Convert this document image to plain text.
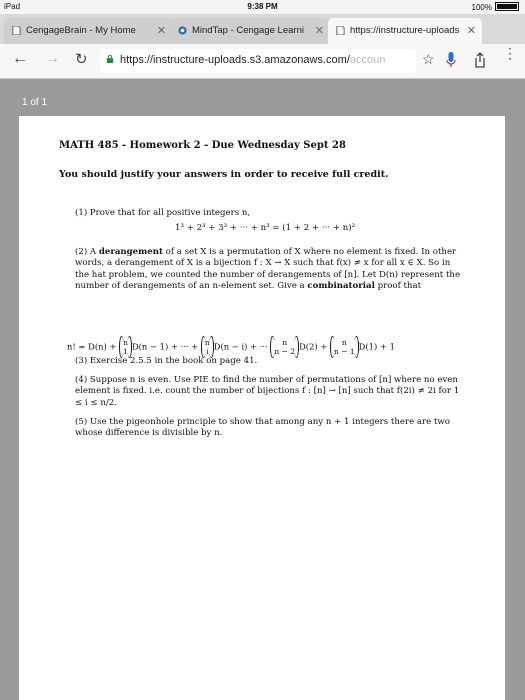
iPad	9:38 PM	100%
CengageBrain - My Home ✕	MindTap - Cengage Learni ✕	https://instructure-uploads ✕
← → ↻	https://instructure-uploads.s3.amazonaws.com/accoun	☆	⋮
1 of 1
MATH 485 - Homework 2 - Due Wednesday Sept 28
You should justify your answers in order to receive full credit.
(1) Prove that for all positive integers n,
1³ + 2³ + 3³ + ··· + n³ = (1 + 2 + ··· + n)²
(2) A derangement of a set X is a permutation of X where no element is fixed. In other words, a derangement of X is a bijection f : X → X such that f(x) ≠ x for all x ∈ X. So in the hat problem, we counted the number of derangements of [n]. Let D(n) represent the number of derangements of an n-element set. Give a combinatorial proof that
n! = D(n) + n
1 D(n − 1) + ··· + n
i D(n − i) + ···	n
n − 2 D(2) +	n
n − 1 D(1) + 1
(3) Exercise 2.5.5 in the book on page 41.
(4) Suppose n is even. Use PIE to find the number of permutations of [n] where no even element is fixed. i.e. count the number of bijections f : [n] → [n] such that f(2i) ≠ 2i for 1 ≤ i ≤ n/2.
(5) Use the pigeonhole principle to show that among any n + 1 integers there are two whose difference is divisible by n.
